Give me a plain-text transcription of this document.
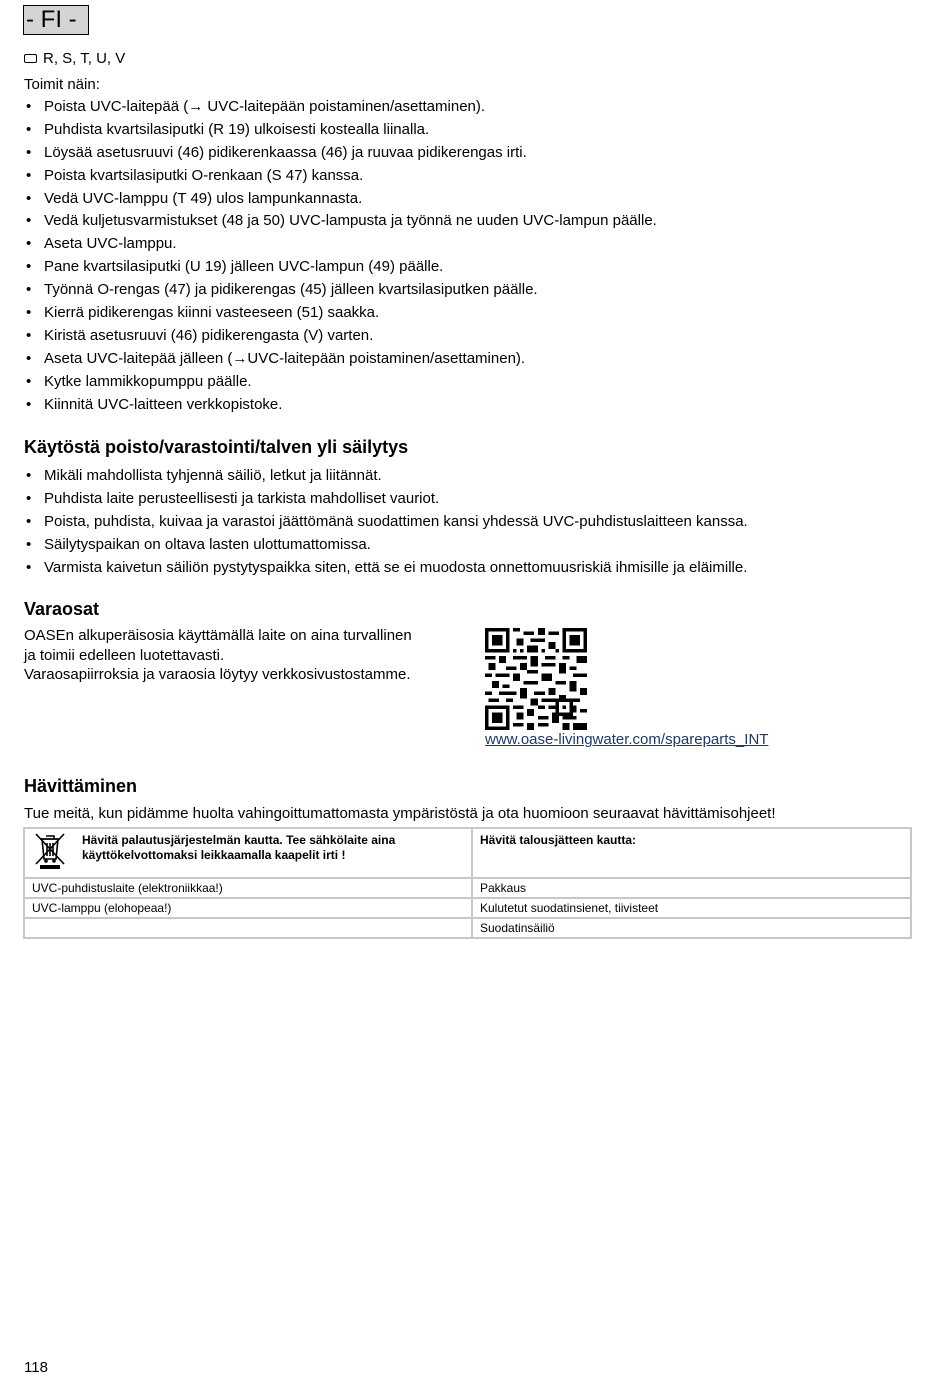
- FI -
R, S, T, U, V
Toimit näin:
• Poista UVC-laitepää (→ UVC-laitepään poistaminen/asettaminen).
• Puhdista kvartsilasiputki (R 19) ulkoisesti kostealla liinalla.
• Löysää asetusruuvi (46) pidikerenkaassa (46) ja ruuvaa pidikerengas irti.
• Poista kvartsilasiputki O-renkaan (S 47) kanssa.
• Vedä UVC-lamppu (T 49) ulos lampunkannasta.
• Vedä kuljetusvarmistukset (48 ja 50) UVC-lampusta ja työnnä ne uuden UVC-lampun päälle.
• Aseta UVC-lamppu.
• Pane kvartsilasiputki (U 19) jälleen UVC-lampun (49) päälle.
• Työnnä O-rengas (47) ja pidikerengas (45) jälleen kvartsilasiputken päälle.
• Kierrä pidikerengas kiinni vasteeseen (51) saakka.
• Kiristä asetusruuvi (46) pidikerengasta (V) varten.
• Aseta UVC-laitepää jälleen (→UVC-laitepään poistaminen/asettaminen).
• Kytke lammikkopumppu päälle.
• Kiinnitä UVC-laitteen verkkopistoke.
Käytöstä poisto/varastointi/talven yli säilytys
• Mikäli mahdollista tyhjennä säiliö, letkut ja liitännät.
• Puhdista laite perusteellisesti ja tarkista mahdolliset vauriot.
• Poista, puhdista, kuivaa ja varastoi jäättömänä suodattimen kansi yhdessä UVC-puhdistuslaitteen kanssa.
• Säilytyspaikan on oltava lasten ulottumattomissa.
• Varmista kaivetun säiliön pystytyspaikka siten, että se ei muodosta onnettomuusriskiä ihmisille ja eläimille.
Varaosat
OASEn alkuperäisosia käyttämällä laite on aina turvallinen
ja toimii edelleen luotettavasti.
Varaosapiirroksia ja varaosia löytyy verkkosivustostamme.
www.oase-livingwater.com/spareparts_INT
Hävittäminen
Tue meitä, kun pidämme huolta vahingoittumattomasta ympäristöstä ja ota huomioon seuraavat hävittämisohjeet!
Hävitä palautusjärjestelmän kautta. Tee sähkölaite aina
käyttökelvottomaksi leikkaamalla kaapelit irti !	Hävitä talousjätteen kautta:

UVC-puhdistuslaite (elektroniikkaa!)	Pakkaus
UVC-lamppu (elohopeaa!)	Kulutetut suodatinsienet, tiivisteet
	Suodatinsäiliö
118
